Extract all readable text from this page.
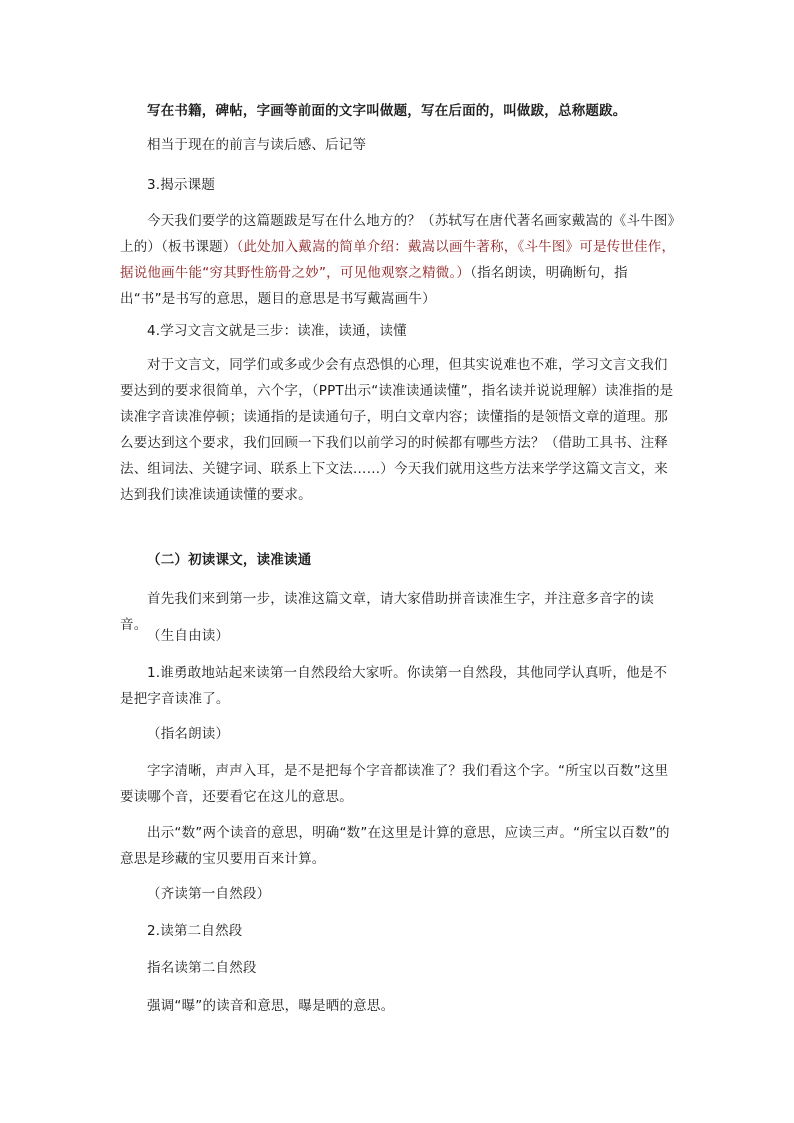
写在书籍，碑帖，字画等前面的文字叫做题，写在后面的，叫做跋，总称题跋。

相当于现在的前言与读后感、后记等

3.揭示课题

今天我们要学的这篇题跋是写在什么地方的？（苏轼写在唐代著名画家戴嵩的《斗牛图》上的）（板书课题）（此处加入戴嵩的简单介绍：戴嵩以画牛著称，《斗牛图》可是传世佳作，据说他画牛能“穷其野性筋骨之妙”，可见他观察之精微。）（指名朗读，明确断句，指出“书”是书写的意思，题目的意思是书写戴嵩画牛）

4.学习文言文就是三步：读准，读通，读懂

对于文言文，同学们或多或少会有点恐惧的心理，但其实说难也不难，学习文言文我们要达到的要求很简单，六个字，（PPT出示“读准读通读懂”，指名读并说说理解）读准指的是读准字音读准停顿；读通指的是读通句子，明白文章内容；读懂指的是领悟文章的道理。那么要达到这个要求，我们回顾一下我们以前学习的时候都有哪些方法？（借助工具书、注释法、组词法、关键字词、联系上下文法……）今天我们就用这些方法来学学这篇文言文，来达到我们读准读通读懂的要求。

（二）初读课文，读准读通

首先我们来到第一步，读准这篇文章，请大家借助拼音读准生字，并注意多音字的读音。

（生自由读）

1.谁勇敢地站起来读第一自然段给大家听。你读第一自然段，其他同学认真听，他是不是把字音读准了。

（指名朗读）

字字清晰，声声入耳，是不是把每个字音都读准了？我们看这个字。“所宝以百数”这里要读哪个音，还要看它在这儿的意思。

出示“数”两个读音的意思，明确“数”在这里是计算的意思，应读三声。“所宝以百数”的意思是珍藏的宝贝要用百来计算。

（齐读第一自然段）

2.读第二自然段

指名读第二自然段

强调“曝”的读音和意思，曝是晒的意思。
